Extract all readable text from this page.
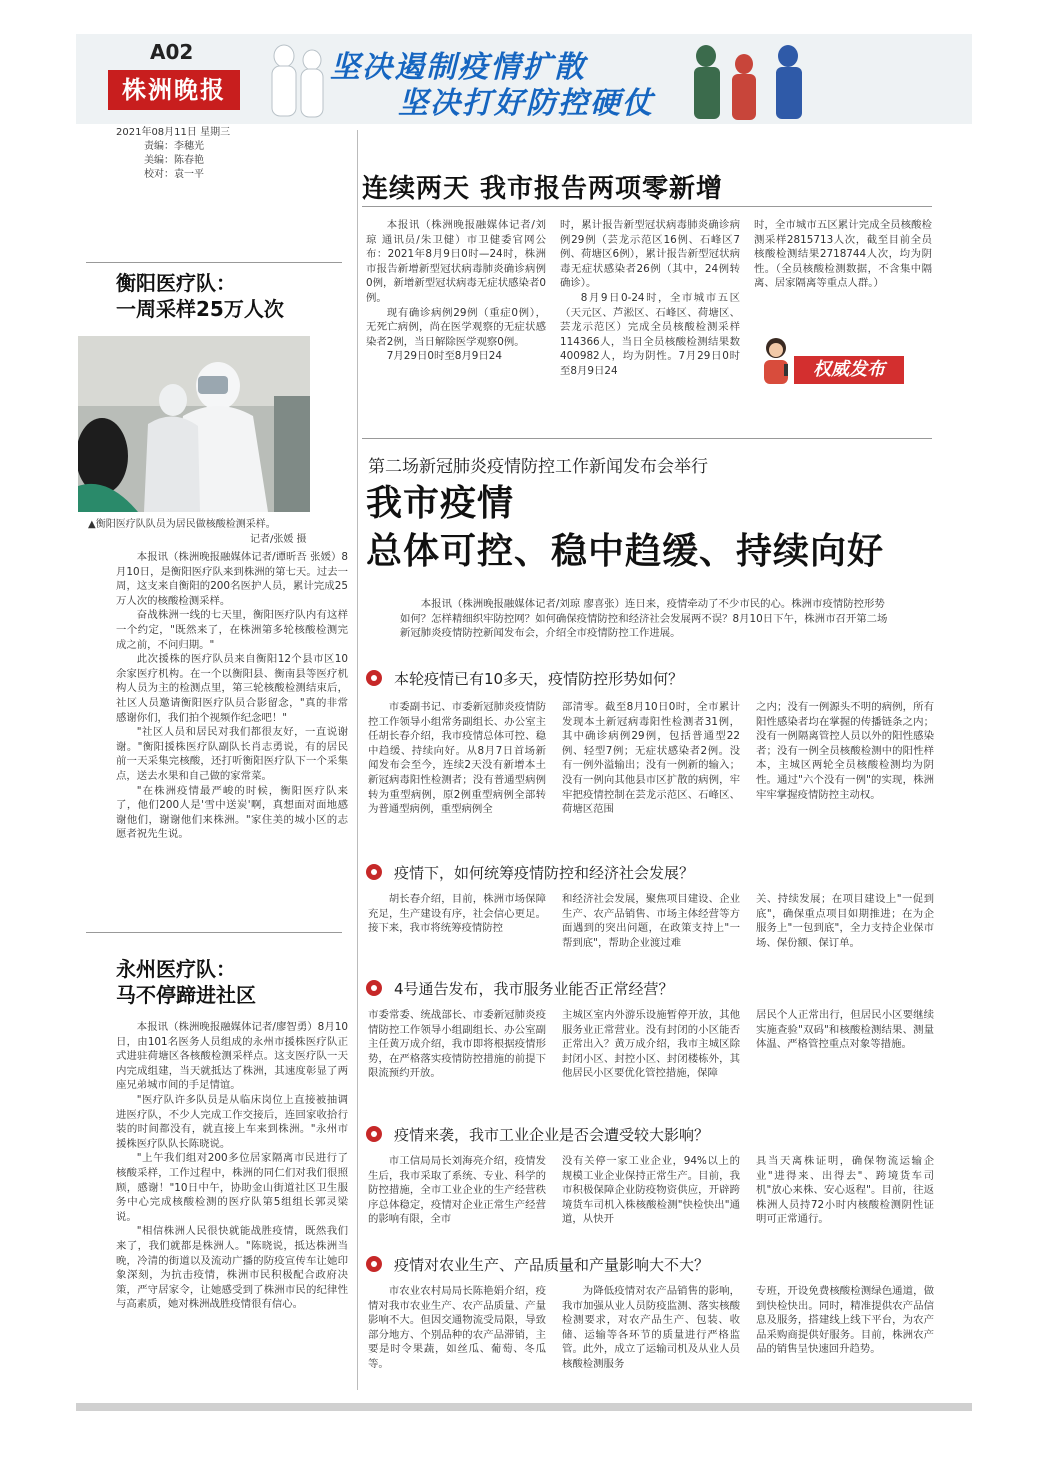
A02
株洲晚报
坚决遏制疫情扩散
坚决打好防控硬仗
2021年08月11日 星期三
责编：李穗光
美编：陈春艳
校对：袁一平	连续两天 我市报告两项零新增

本报讯（株洲晚报融媒体记者/刘琼 通讯员/朱卫健）市卫健委官网公布：2021年8月9日0时—24时，株洲市报告新增新型冠状病毒肺炎确诊病例0例，新增新型冠状病毒无症状感染者0例。

现有确诊病例29例（重症0例），无死亡病例，尚在医学观察的无症状感染者2例，当日解除医学观察0例。

7月29日0时至8月9日24

时，累计报告新型冠状病毒肺炎确诊病例29例（芸龙示范区16例、石峰区7例、荷塘区6例），累计报告新型冠状病毒无症状感染者26例（其中，24例转确诊）。

8月9日0-24时，全市城市五区（天元区、芦淞区、石峰区、荷塘区、芸龙示范区）完成全员核酸检测采样114366人，当日全员核酸检测结果数400982人，均为阴性。7月29日0时至8月9日24

时，全市城市五区累计完成全员核酸检测采样2815713人次，截至目前全员核酸检测结果2718744人次，均为阴性。（全员核酸检测数据，不含集中隔离、居家隔离等重点人群。）

权威发布
衡阳医疗队：
一周采样25万人次
▲衡阳医疗队队员为居民做核酸检测采样。
记者/张媛 摄

本报讯（株洲晚报融媒体记者/谭昕吾 张媛）8月10日，是衡阳医疗队来到株洲的第七天。过去一周，这支来自衡阳的200名医护人员，累计完成25万人次的核酸检测采样。

奋战株洲一线的七天里，衡阳医疗队内有这样一个约定，"既然来了，在株洲第多轮核酸检测完成之前，不问归期。"

此次援株的医疗队员来自衡阳12个县市区10余家医疗机构。在一个以衡阳县、衡南县等医疗机构人员为主的检测点里，第三轮核酸检测结束后，社区人员邀请衡阳医疗队员合影留念，"真的非常感谢你们，我们拍个视频作纪念吧！"

"社区人员和居民对我们都很友好，一直说谢谢。"衡阳援株医疗队副队长肖志勇说，有的居民前一天采集完核酸，还打听衡阳医疗队下一个采集点，送去水果和自己做的家常菜。

"在株洲疫情最严峻的时候，衡阳医疗队来了，他们200人是'雪中送炭'啊，真想面对面地感谢他们，谢谢他们来株洲。"家住美的城小区的志愿者祝先生说。

永州医疗队：
马不停蹄进社区

本报讯（株洲晚报融媒体记者/廖智勇）8月10日，由101名医务人员组成的永州市援株医疗队正式进驻荷塘区各核酸检测采样点。这支医疗队一天内完成组建，当天就抵达了株洲，其速度彰显了两座兄弟城市间的手足情谊。

"医疗队许多队员是从临床岗位上直接被抽调进医疗队，不少人完成工作交接后，连回家收拾行装的时间都没有，就直接上车来到株洲。"永州市援株医疗队队长陈晓说。

"上午我们组对200多位居家隔离市民进行了核酸采样，工作过程中，株洲的同仁们对我们很照顾，感谢！"10日中午，协助金山街道社区卫生服务中心完成核酸检测的医疗队第5组组长郭灵梁说。

"相信株洲人民很快就能战胜疫情，既然我们来了，我们就都是株洲人。"陈晓说，抵达株洲当晚，冷清的街道以及流动广播的防疫宣传车让她印象深刻，为抗击疫情，株洲市民积极配合政府决策，严守居家令，让她感受到了株洲市民的纪律性与高素质，她对株洲战胜疫情很有信心。

第二场新冠肺炎疫情防控工作新闻发布会举行
我市疫情
总体可控、稳中趋缓、持续向好

本报讯（株洲晚报融媒体记者/刘琼 廖喜张）连日来，疫情牵动了不少市民的心。株洲市疫情防控形势如何？怎样精细织牢防控网？如何确保疫情防控和经济社会发展两不误？8月10日下午，株洲市召开第二场新冠肺炎疫情防控新闻发布会，介绍全市疫情防控工作进展。

本轮疫情已有10多天，疫情防控形势如何？

市委副书记、市委新冠肺炎疫情防控工作领导小组常务副组长、办公室主任胡长春介绍，我市疫情总体可控、稳中趋缓、持续向好。从8月7日首场新闻发布会至今，连续2天没有新增本土新冠病毒阳性检测者；没有普通型病例转为重型病例，原2例重型病例全部转为普通型病例，重型病例全

部清零。截至8月10日0时，全市累计发现本土新冠病毒阳性检测者31例，其中确诊病例29例，包括普通型22例、轻型7例；无症状感染者2例。没有一例外溢输出；没有一例新的输入；没有一例向其他县市区扩散的病例，牢牢把疫情控制在芸龙示范区、石峰区、荷塘区范围

之内；没有一例源头不明的病例，所有阳性感染者均在掌握的传播链条之内；没有一例隔离管控人员以外的阳性感染者；没有一例全员核酸检测中的阳性样本，主城区两轮全员核酸检测均为阴性。通过"六个没有一例"的实现，株洲牢牢掌握疫情防控主动权。

疫情下，如何统筹疫情防控和经济社会发展？

胡长春介绍，目前，株洲市场保障充足，生产建设有序，社会信心更足。接下来，我市将统筹疫情防控

和经济社会发展，聚焦项目建设、企业生产、农产品销售、市场主体经营等方面遇到的突出问题，在政策支持上"一帮到底"，帮助企业渡过难

关、持续发展；在项目建设上"一促到底"，确保重点项目如期推进；在为企服务上"一包到底"，全力支持企业保市场、保份额、保订单。

4号通告发布，我市服务业能否正常经营？

市委常委、统战部长、市委新冠肺炎疫情防控工作领导小组副组长、办公室副主任黄万成介绍，我市即将根据疫情形势，在严格落实疫情防控措施的前提下限流预约开放。

主城区室内外游乐设施暂停开放，其他服务业正常营业。没有封闭的小区能否正常出入？黄万成介绍，我市主城区除封闭小区、封控小区、封闭楼栋外，其他居民小区要优化管控措施，保障

居民个人正常出行，但居民小区要继续实施查验"双码"和核酸检测结果、测量体温、严格管控重点对象等措施。

疫情来袭，我市工业企业是否会遭受较大影响？

市工信局局长刘海亮介绍，疫情发生后，我市采取了系统、专业、科学的防控措施，全市工业企业的生产经营秩序总体稳定，疫情对企业正常生产经营的影响有限，全市

没有关停一家工业企业，94%以上的规模工业企业保持正常生产。目前，我市积极保障企业防疫物资供应，开辟跨境货车司机入株核酸检测"快检快出"通道，从快开

具当天离株证明，确保物流运输企业"进得来、出得去"、跨境货车司机"放心来株、安心返程"。目前，往返株洲人员持72小时内核酸检测阴性证明可正常通行。

疫情对农业生产、产品质量和产量影响大不大？

市农业农村局局长陈艳娟介绍，疫情对我市农业生产、农产品质量、产量影响不大。但因交通物流受局限，导致部分地方、个别品种的农产品滞销，主要是时令果蔬，如丝瓜、葡萄、冬瓜等。

为降低疫情对农产品销售的影响，我市加强从业人员防疫监测、落实核酸检测要求，对农产品生产、包装、收储、运输等各环节的质量进行严格监管。此外，成立了运输司机及从业人员核酸检测服务

专班，开设免费核酸检测绿色通道，做到快检快出。同时，精准提供农产品信息及服务，搭建线上线下平台，为农产品采购商提供好服务。目前，株洲农产品的销售呈快速回升趋势。
